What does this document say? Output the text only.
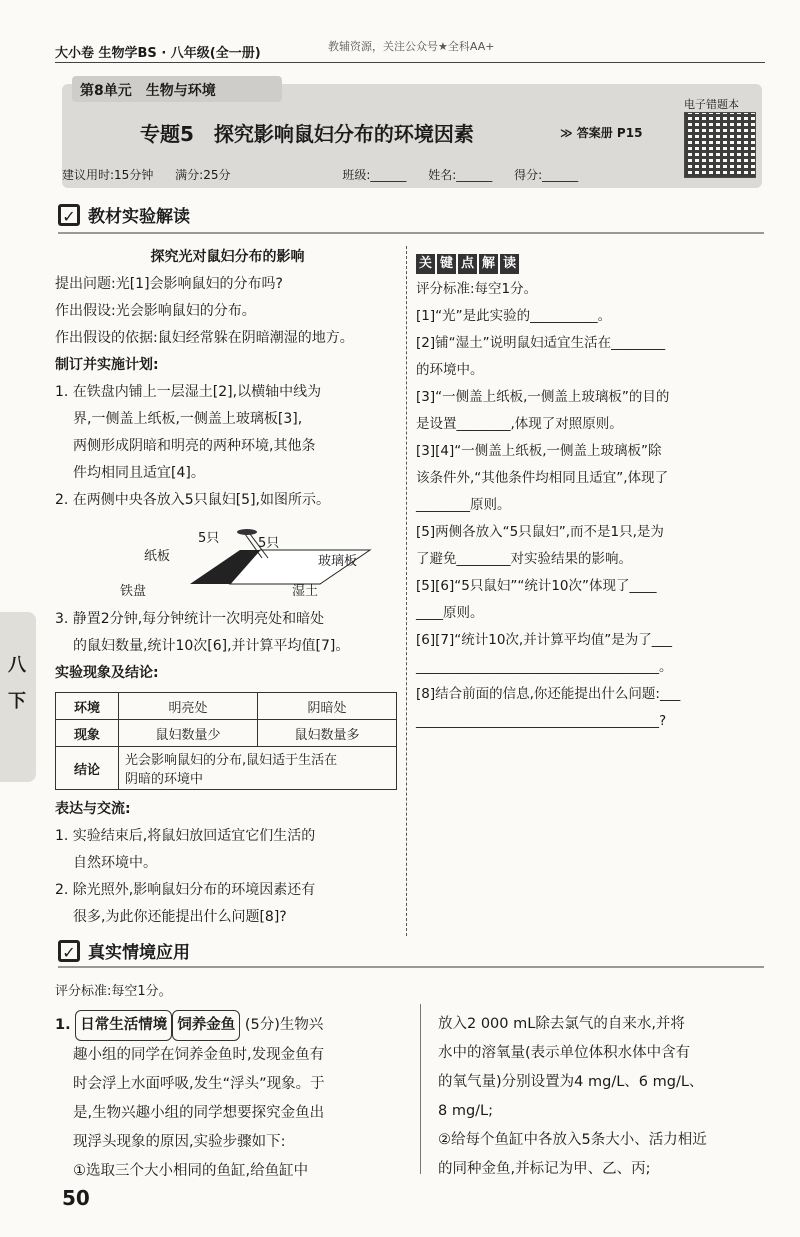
大小卷 生物学BS · 八年级(全一册)	教辅资源，关注公众号★全科AA+
第8单元　生物与环境
专题5　探究影响鼠妇分布的环境因素	≫ 答案册 P15
电子错题本
建议用时:15分钟 满分:25分	班级:______ 姓名:______ 得分:______
✓ 教材实验解读
探究光对鼠妇分布的影响
提出问题:光[1]会影响鼠妇的分布吗?
作出假设:光会影响鼠妇的分布。
作出假设的依据:鼠妇经常躲在阴暗潮湿的地方。
制订并实施计划:
1. 在铁盘内铺上一层湿土[2],以横轴中线为
界,一侧盖上纸板,一侧盖上玻璃板[3],
两侧形成阴暗和明亮的两种环境,其他条
件均相同且适宜[4]。
2. 在两侧中央各放入5只鼠妇[5],如图所示。
5只	5只
纸板	玻璃板
铁盘	湿土
3. 静置2分钟,每分钟统计一次明亮处和暗处
的鼠妇数量,统计10次[6],并计算平均值[7]。
实验现象及结论:
环境	明亮处	阴暗处
现象	鼠妇数量少	鼠妇数量多
结论	光会影响鼠妇的分布,鼠妇适于生活在
阴暗的环境中	
表达与交流:
1. 实验结束后,将鼠妇放回适宜它们生活的
自然环境中。
2. 除光照外,影响鼠妇分布的环境因素还有
很多,为此你还能提出什么问题[8]?
关 键 点 解 读
评分标准:每空1分。
[1]“光”是此实验的__________。
[2]铺“湿土”说明鼠妇适宜生活在________
的环境中。
[3]“一侧盖上纸板,一侧盖上玻璃板”的目的
是设置________,体现了对照原则。
[3][4]“一侧盖上纸板,一侧盖上玻璃板”除
该条件外,“其他条件均相同且适宜”,体现了
________原则。
[5]两侧各放入“5只鼠妇”,而不是1只,是为
了避免________对实验结果的影响。
[5][6]“5只鼠妇”“统计10次”体现了____
____原则。
[6][7]“统计10次,并计算平均值”是为了___
____________________________________。
[8]结合前面的信息,你还能提出什么问题:___
____________________________________?
八
下
✓ 真实情境应用
评分标准:每空1分。
1. 日常生活情境 饲养金鱼 (5分)生物兴
趣小组的同学在饲养金鱼时,发现金鱼有
时会浮上水面呼吸,发生“浮头”现象。于
是,生物兴趣小组的同学想要探究金鱼出
现浮头现象的原因,实验步骤如下:
①选取三个大小相同的鱼缸,给鱼缸中
放入2 000 mL除去氯气的自来水,并将
水中的溶氧量(表示单位体积水体中含有
的氧气量)分别设置为4 mg/L、6 mg/L、
8 mg/L;
②给每个鱼缸中各放入5条大小、活力相近
的同种金鱼,并标记为甲、乙、丙;
50
